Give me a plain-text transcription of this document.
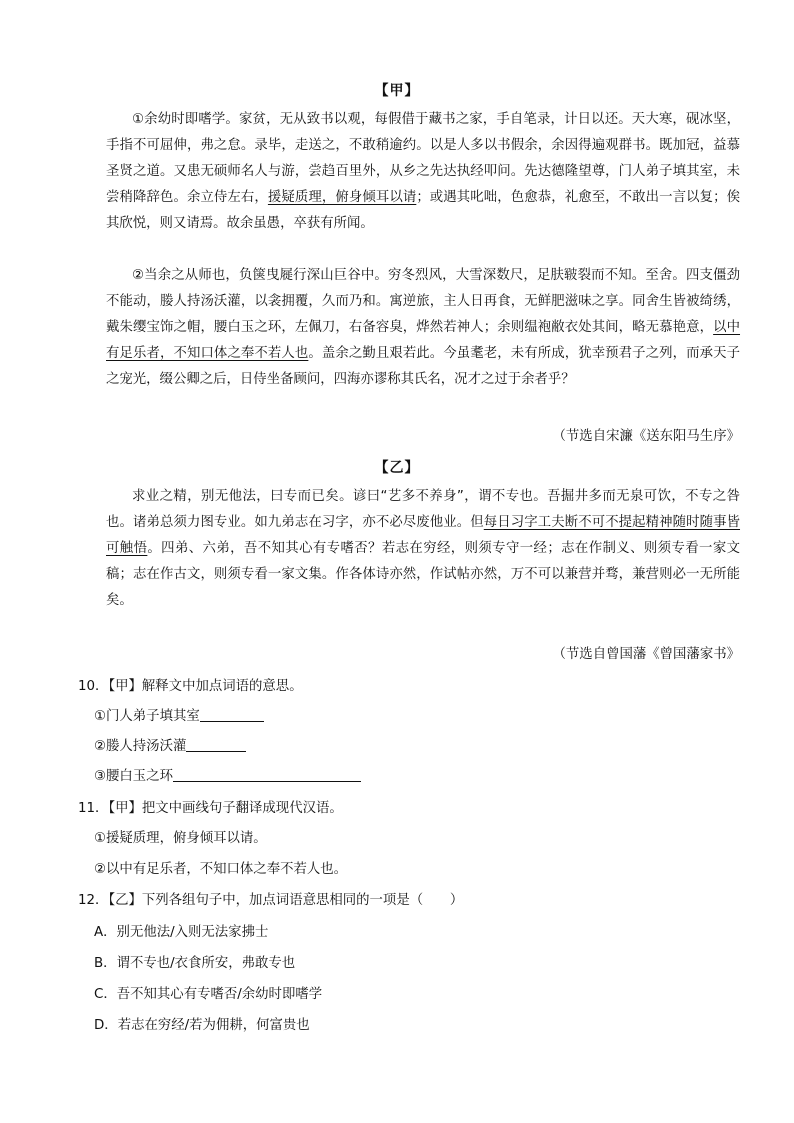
【甲】
①余幼时即嗜学。家贫，无从致书以观，每假借于藏书之家，手自笔录，计日以还。天大寒，砚冰坚，手指不可屈伸，弗之怠。录毕，走送之，不敢稍逾约。以是人多以书假余，余因得遍观群书。既加冠，益慕圣贤之道。又患无硕师名人与游，尝趋百里外，从乡之先达执经叩问。先达德隆望尊，门人弟子填其室，未尝稍降辞色。余立侍左右，援疑质理，俯身倾耳以请；或遇其叱咄，色愈恭，礼愈至，不敢出一言以复；俟其欣悦，则又请焉。故余虽愚，卒获有所闻。
②当余之从师也，负箧曳屣行深山巨谷中。穷冬烈风，大雪深数尺，足肤皲裂而不知。至舍。四支僵劲不能动，媵人持汤沃灌，以衾拥覆，久而乃和。寓逆旅，主人日再食，无鲜肥滋味之享。同舍生皆被绮绣，戴朱缨宝饰之帽，腰白玉之环，左佩刀，右备容臭，烨然若神人；余则缊袍敝衣处其间，略无慕艳意，以中有足乐者，不知口体之奉不若人也。盖余之勤且艰若此。今虽耄老，未有所成，犹幸预君子之列，而承天子之宠光，缀公卿之后，日侍坐备顾问，四海亦谬称其氏名，况才之过于余者乎？
（节选自宋濂《送东阳马生序》
【乙】
求业之精，别无他法，曰专而已矣。谚曰“艺多不养身”，谓不专也。吾掘井多而无泉可饮，不专之咎也。诸弟总须力图专业。如九弟志在习字，亦不必尽废他业。但每日习字工夫断不可不提起精神随时随事皆可触悟。四弟、六弟，吾不知其心有专嗜否？若志在穷经，则须专守一经；志在作制义、则须专看一家文稿；志在作古文，则须专看一家文集。作各体诗亦然，作试帖亦然，万不可以兼营并骛，兼营则必一无所能矣。
（节选自曾国藩《曾国藩家书》
10．【甲】解释文中加点词语的意思。
①门人弟子填其室
②媵人持汤沃灌
③腰白玉之环
11．【甲】把文中画线句子翻译成现代汉语。
①援疑质理，俯身倾耳以请。
②以中有足乐者，不知口体之奉不若人也。
12．【乙】下列各组句子中，加点词语意思相同的一项是（　　）
A．别无他法/入则无法家拂士
B．谓不专也/衣食所安，弗敢专也
C．吾不知其心有专嗜否/余幼时即嗜学
D．若志在穷经/若为佣耕，何富贵也
